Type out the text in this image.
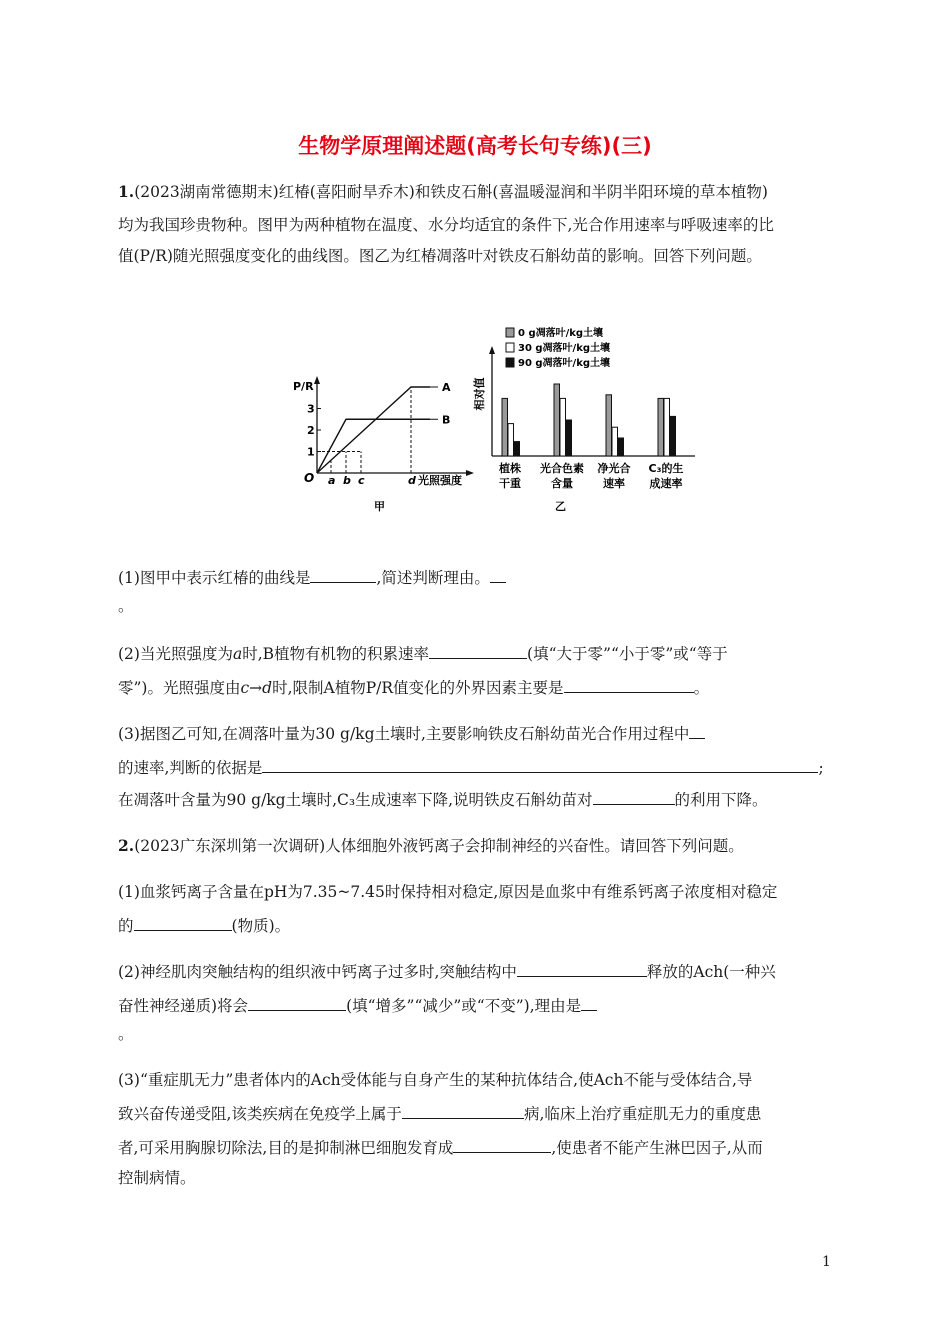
生物学原理阐述题(高考长句专练)(三)
1.(2023湖南常德期末)红椿(喜阳耐旱乔木)和铁皮石斛(喜温暖湿润和半阴半阳环境的草本植物)
均为我国珍贵物种。图甲为两种植物在温度、水分均适宜的条件下,光合作用速率与呼吸速率的比
值(P/R)随光照强度变化的曲线图。图乙为红椿凋落叶对铁皮石斛幼苗的影响。回答下列问题。
P/R
O
1
2
3
a b c	d
A
B
光照强度
甲
相对值
0 g凋落叶/kg土壤
30 g凋落叶/kg土壤
90 g凋落叶/kg土壤
植株
干重
光合色素
含量
净光合
速率
C₃的生
成速率
乙
(1)图甲中表示红椿的曲线是	,简述判断理由。
。
(2)当光照强度为a时,B植物有机物的积累速率	(填“大于零”“小于零”或“等于
零”)。光照强度由c→d时,限制A植物P/R值变化的外界因素主要是	。
(3)据图乙可知,在凋落叶量为30 g/kg土壤时,主要影响铁皮石斛幼苗光合作用过程中
的速率,判断的依据是	;
在凋落叶含量为90 g/kg土壤时,C₃生成速率下降,说明铁皮石斛幼苗对	的利用下降。
2.(2023广东深圳第一次调研)人体细胞外液钙离子会抑制神经的兴奋性。请回答下列问题。
(1)血浆钙离子含量在pH为7.35~7.45时保持相对稳定,原因是血浆中有维系钙离子浓度相对稳定
的	(物质)。
(2)神经肌肉突触结构的组织液中钙离子过多时,突触结构中	释放的Ach(一种兴
奋性神经递质)将会	(填“增多”“减少”或“不变”),理由是
。
(3)“重症肌无力”患者体内的Ach受体能与自身产生的某种抗体结合,使Ach不能与受体结合,导
致兴奋传递受阻,该类疾病在免疫学上属于	病,临床上治疗重症肌无力的重度患
者,可采用胸腺切除法,目的是抑制淋巴细胞发育成	,使患者不能产生淋巴因子,从而
控制病情。
1
